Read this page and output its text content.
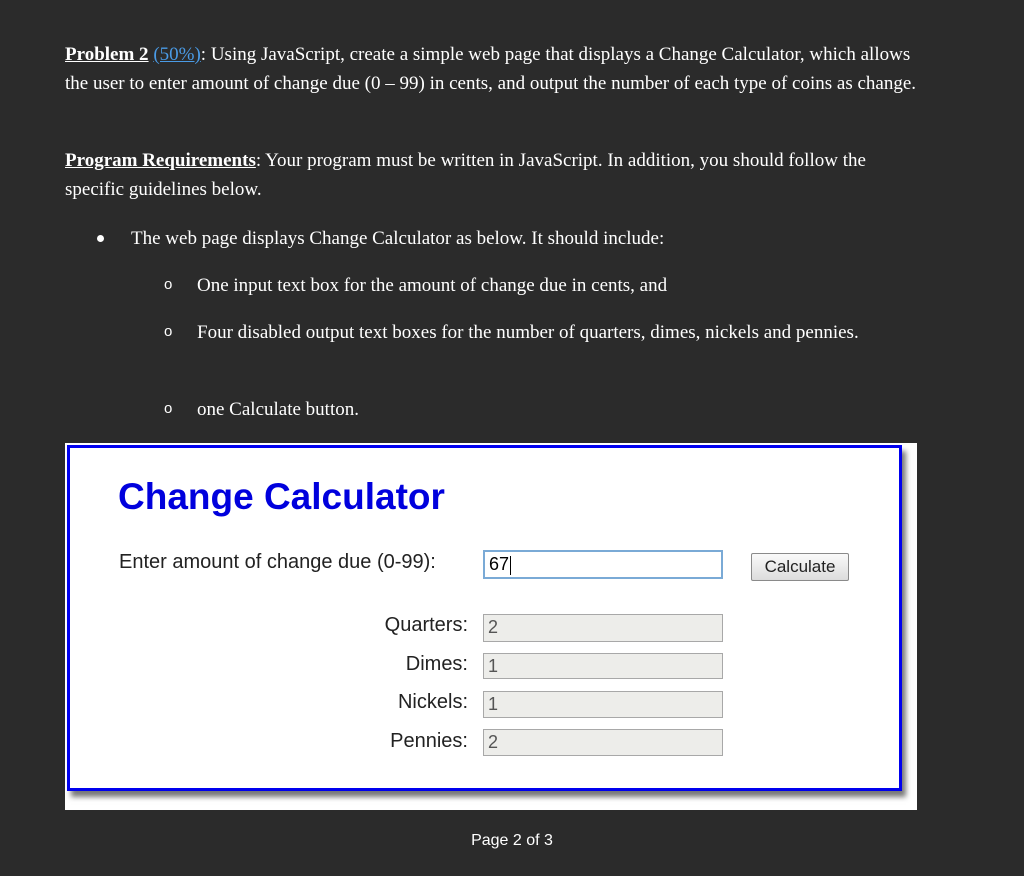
Problem 2 (50%): Using JavaScript, create a simple web page that displays a Change Calculator, which allows the user to enter amount of change due (0 – 99) in cents, and output the number of each type of coins as change.
Program Requirements: Your program must be written in JavaScript. In addition, you should follow the specific guidelines below.
The web page displays Change Calculator as below. It should include:
o One input text box for the amount of change due in cents, and
o Four disabled output text boxes for the number of quarters, dimes, nickels and pennies.
o one Calculate button.
Change Calculator
Enter amount of change due (0-99):	67	Calculate
Quarters: 2
Dimes: 1
Nickels: 1
Pennies: 2
Page 2 of 3
